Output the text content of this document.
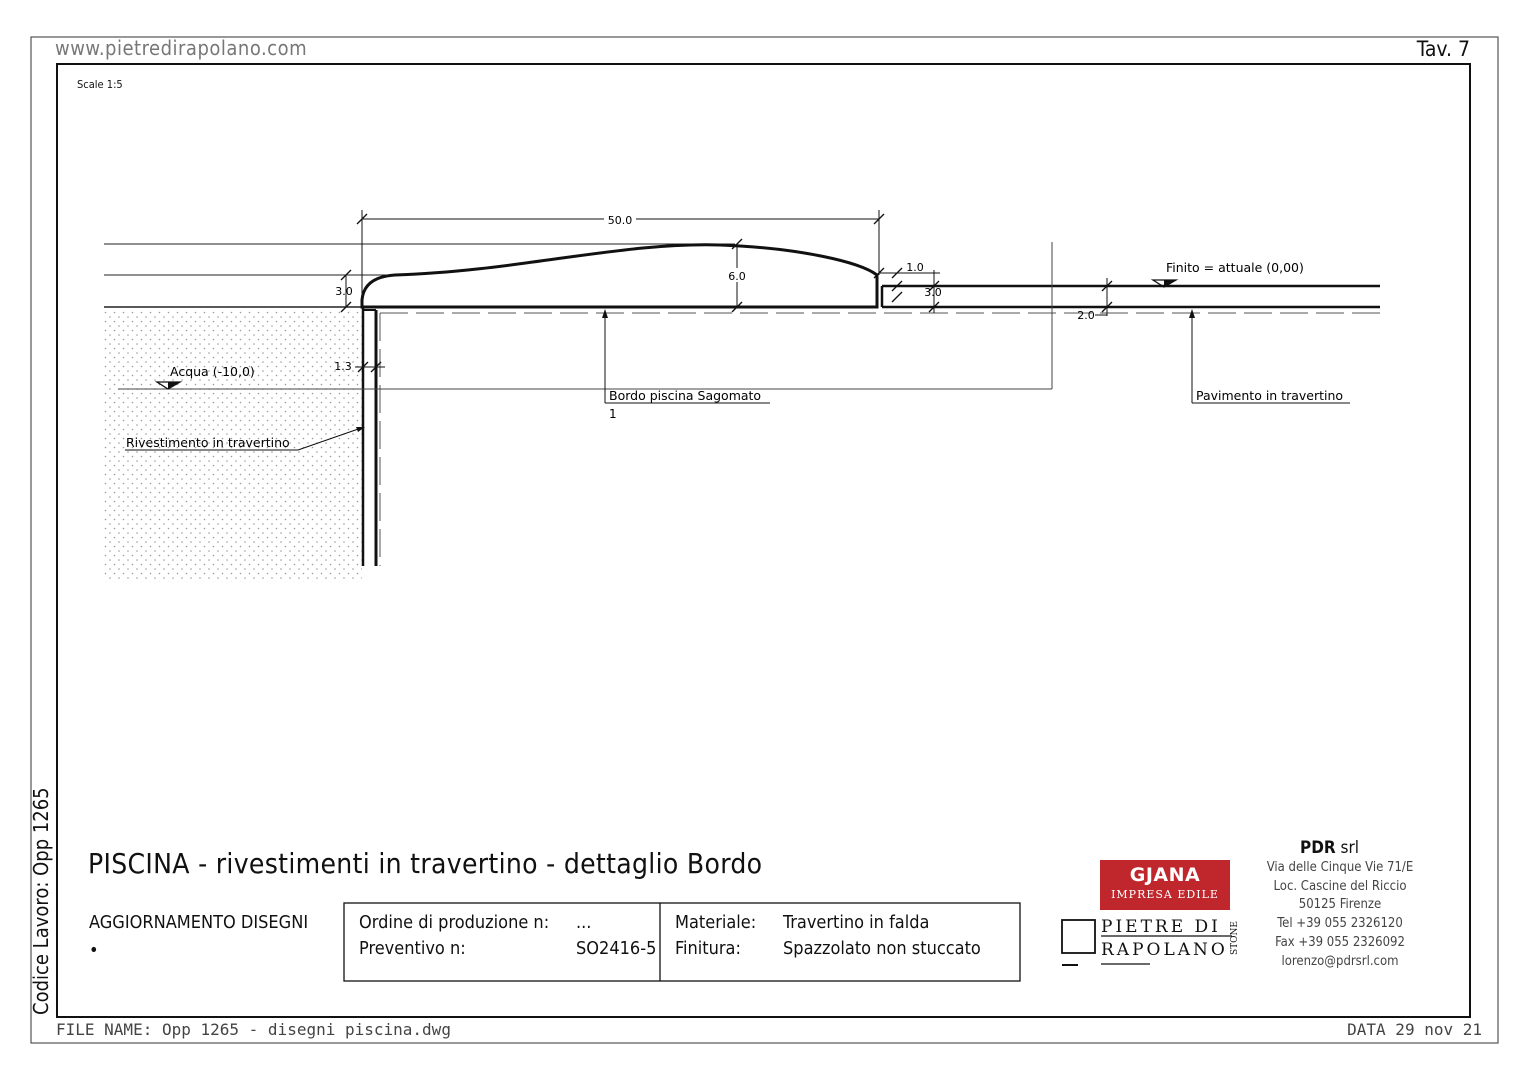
50.0
6.0
3.0
1.0
3.0
2.0
1.3
Finito = attuale (0,00)
Acqua (-10,0)
Bordo piscina Sagomato
1
Pavimento in travertino
Rivestimento in travertino
www.pietredirapolano.com	Tav. 7
Scale 1:5
Codice Lavoro: Opp 1265 PISCINA - rivestimenti in travertino - dettaglio Bordo
AGGIORNAMENTO DISEGNI
•
Ordine di produzione n: ...
Preventivo n:	SO2416-5
Materiale: Travertino in falda
Finitura: Spazzolato non stuccato
GJANA
IMPRESA EDILE
PIETRE DI
RAPOLANO STONE
PDR srl
Via delle Cinque Vie 71/E
Loc. Cascine del Riccio
50125 Firenze
Tel +39 055 2326120
Fax +39 055 2326092
lorenzo@pdrsrl.com
FILE NAME: Opp 1265 - disegni piscina.dwg	DATA 29 nov 21
